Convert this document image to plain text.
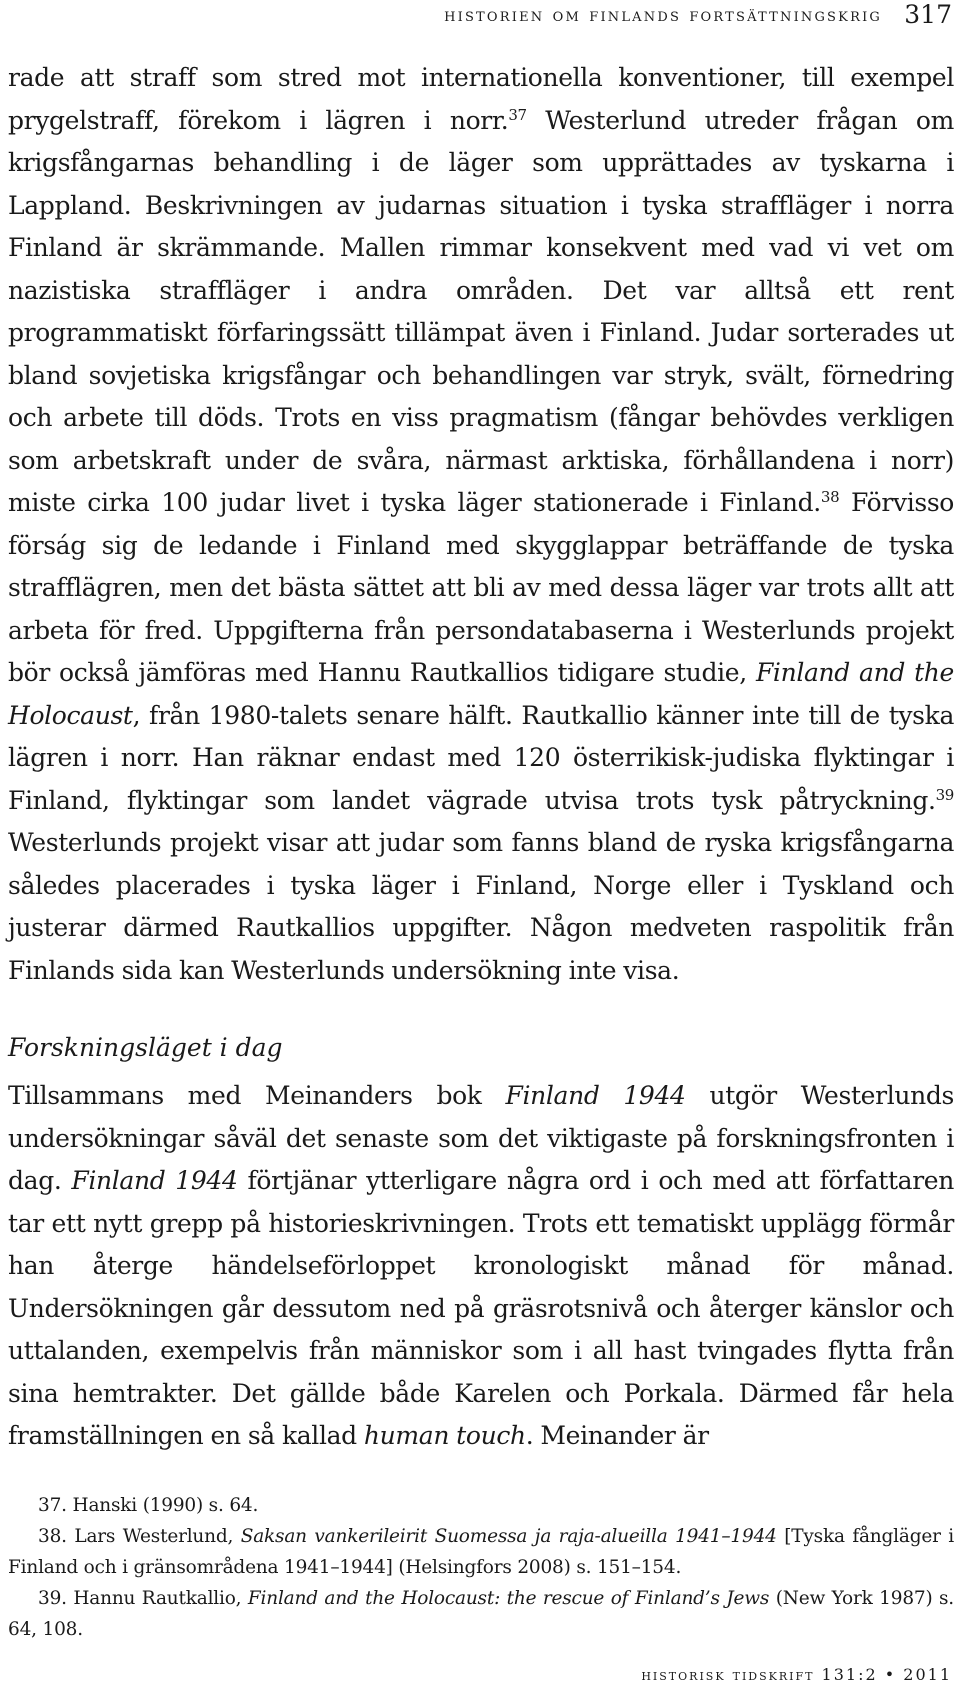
historien om finlands fortsättningskrig 317
rade att straff som stred mot internationella konventioner, till exempel prygelstraff, förekom i lägren i norr.$^{37}$ Westerlund utreder frågan om krigsfångarnas behandling i de läger som upprättades av tyskarna i Lappland. Beskrivningen av judarnas situation i tyska straffläger i norra Finland är skrämmande. Mallen rimmar konsekvent med vad vi vet om nazistiska straffläger i andra områden. Det var alltså ett rent programmatiskt förfaringssätt tillämpat även i Finland. Judar sorterades ut bland sovjetiska krigsfångar och behandlingen var stryk, svält, förnedring och arbete till döds. Trots en viss pragmatism (fångar behövdes verkligen som arbetskraft under de svåra, närmast arktiska, förhållandena i norr) miste cirka 100 judar livet i tyska läger stationerade i Finland.$^{38}$ Förvisso förság sig de ledande i Finland med skygglappar beträffande de tyska strafflägren, men det bästa sättet att bli av med dessa läger var trots allt att arbeta för fred. Uppgifterna från persondatabaserna i Westerlunds projekt bör också jämföras med Hannu Rautkallios tidigare studie, Finland and the Holocaust, från 1980-talets senare hälft. Rautkallio känner inte till de tyska lägren i norr. Han räknar endast med 120 österrikisk-judiska flyktingar i Finland, flyktingar som landet vägrade utvisa trots tysk påtryckning.$^{39}$ Westerlunds projekt visar att judar som fanns bland de ryska krigsfångarna således placerades i tyska läger i Finland, Norge eller i Tyskland och justerar därmed Rautkallios uppgifter. Någon medveten raspolitik från Finlands sida kan Westerlunds undersökning inte visa.
Forskningsläget i dag
Tillsammans med Meinanders bok Finland 1944 utgör Westerlunds undersökningar såväl det senaste som det viktigaste på forskningsfronten i dag. Finland 1944 förtjänar ytterligare några ord i och med att författaren tar ett nytt grepp på historieskrivningen. Trots ett tematiskt upplägg förmår han återge händelseförloppet kronologiskt månad för månad. Undersökningen går dessutom ned på gräsrotsnivå och återger känslor och uttalanden, exempelvis från människor som i all hast tvingades flytta från sina hemtrakter. Det gällde både Karelen och Porkala. Därmed får hela framställningen en så kallad human touch. Meinander är
37. Hanski (1990) s. 64.
38. Lars Westerlund, Saksan vankerileirit Suomessa ja raja-alueilla 1941–1944 [Tyska fångläger i Finland och i gränsområdena 1941–1944] (Helsingfors 2008) s. 151–154.
39. Hannu Rautkallio, Finland and the Holocaust: the rescue of Finland’s Jews (New York 1987) s. 64, 108.
historisk tidskrift 131:2 • 2011
